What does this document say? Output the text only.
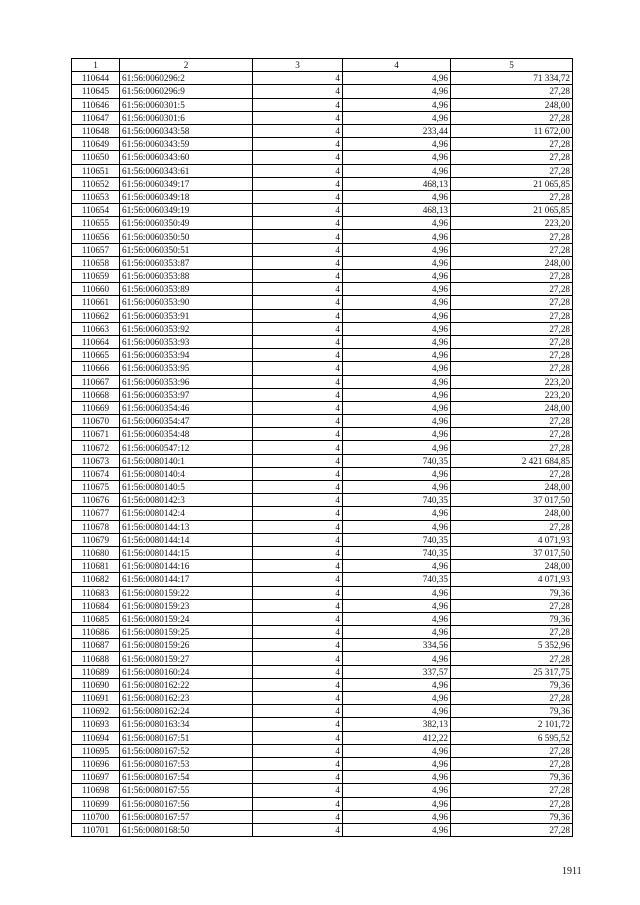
1	2	3	4	5
110644	61:56:0060296:2	4	4,96	71 334,72
110645	61:56:0060296:9	4	4,96	27,28
110646	61:56:0060301:5	4	4,96	248,00
110647	61:56:0060301:6	4	4,96	27,28
110648	61:56:0060343:58	4	233,44	11 672,00
110649	61:56:0060343:59	4	4,96	27,28
110650	61:56:0060343:60	4	4,96	27,28
110651	61:56:0060343:61	4	4,96	27,28
110652	61:56:0060349:17	4	468,13	21 065,85
110653	61:56:0060349:18	4	4,96	27,28
110654	61:56:0060349:19	4	468,13	21 065,85
110655	61:56:0060350:49	4	4,96	223,20
110656	61:56:0060350:50	4	4,96	27,28
110657	61:56:0060350:51	4	4,96	27,28
110658	61:56:0060353:87	4	4,96	248,00
110659	61:56:0060353:88	4	4,96	27,28
110660	61:56:0060353:89	4	4,96	27,28
110661	61:56:0060353:90	4	4,96	27,28
110662	61:56:0060353:91	4	4,96	27,28
110663	61:56:0060353:92	4	4,96	27,28
110664	61:56:0060353:93	4	4,96	27,28
110665	61:56:0060353:94	4	4,96	27,28
110666	61:56:0060353:95	4	4,96	27,28
110667	61:56:0060353:96	4	4,96	223,20
110668	61:56:0060353:97	4	4,96	223,20
110669	61:56:0060354:46	4	4,96	248,00
110670	61:56:0060354:47	4	4,96	27,28
110671	61:56:0060354:48	4	4,96	27,28
110672	61:56:0060547:12	4	4,96	27,28
110673	61:56:0080140:1	4	740,35	2 421 684,85
110674	61:56:0080140:4	4	4,96	27,28
110675	61:56:0080140:5	4	4,96	248,00
110676	61:56:0080142:3	4	740,35	37 017,50
110677	61:56:0080142:4	4	4,96	248,00
110678	61:56:0080144:13	4	4,96	27,28
110679	61:56:0080144:14	4	740,35	4 071,93
110680	61:56:0080144:15	4	740,35	37 017,50
110681	61:56:0080144:16	4	4,96	248,00
110682	61:56:0080144:17	4	740,35	4 071,93
110683	61:56:0080159:22	4	4,96	79,36
110684	61:56:0080159:23	4	4,96	27,28
110685	61:56:0080159:24	4	4,96	79,36
110686	61:56:0080159:25	4	4,96	27,28
110687	61:56:0080159:26	4	334,56	5 352,96
110688	61:56:0080159:27	4	4,96	27,28
110689	61:56:0080160:24	4	337,57	25 317,75
110690	61:56:0080162:22	4	4,96	79,36
110691	61:56:0080162:23	4	4,96	27,28
110692	61:56:0080162:24	4	4,96	79,36
110693	61:56:0080163:34	4	382,13	2 101,72
110694	61:56:0080167:51	4	412,22	6 595,52
110695	61:56:0080167:52	4	4,96	27,28
110696	61:56:0080167:53	4	4,96	27,28
110697	61:56:0080167:54	4	4,96	79,36
110698	61:56:0080167:55	4	4,96	27,28
110699	61:56:0080167:56	4	4,96	27,28
110700	61:56:0080167:57	4	4,96	79,36
110701	61:56:0080168:50	4	4,96	27,28
1911
